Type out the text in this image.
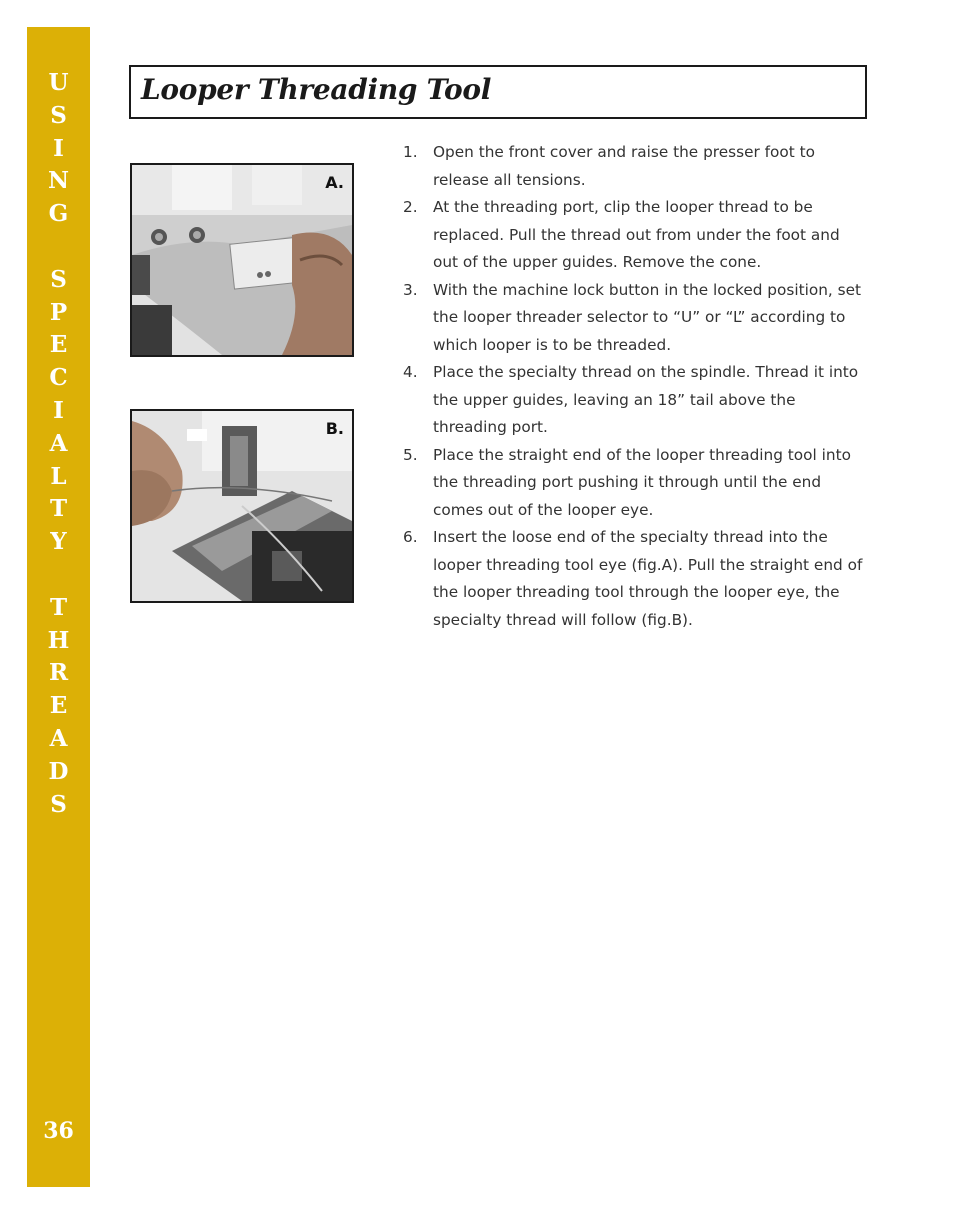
U
S
I
N
G
S
P
E
C
I
A
L
T
Y
T
H
R
E
A
D
S
36
Looper Threading Tool
A.
B.
1.	Open the front cover and raise the presser foot to release all tensions.
2.	At the threading port, clip the looper thread to be replaced. Pull the thread out from under the foot and out of the upper guides. Remove the cone.
3.	With the machine lock button in the locked position, set the looper threader selector to “U” or “L” according to which looper is to be threaded.
4.	Place the specialty thread on the spindle. Thread it into the upper guides, leaving an 18” tail above the threading port.
5.	Place the straight end of the looper threading tool into the threading port pushing it through until the end comes out of the looper eye.
6.	Insert the loose end of the specialty thread into the looper threading tool eye (fig.A). Pull the straight end of the looper threading tool through the looper eye, the specialty thread will follow (fig.B).
